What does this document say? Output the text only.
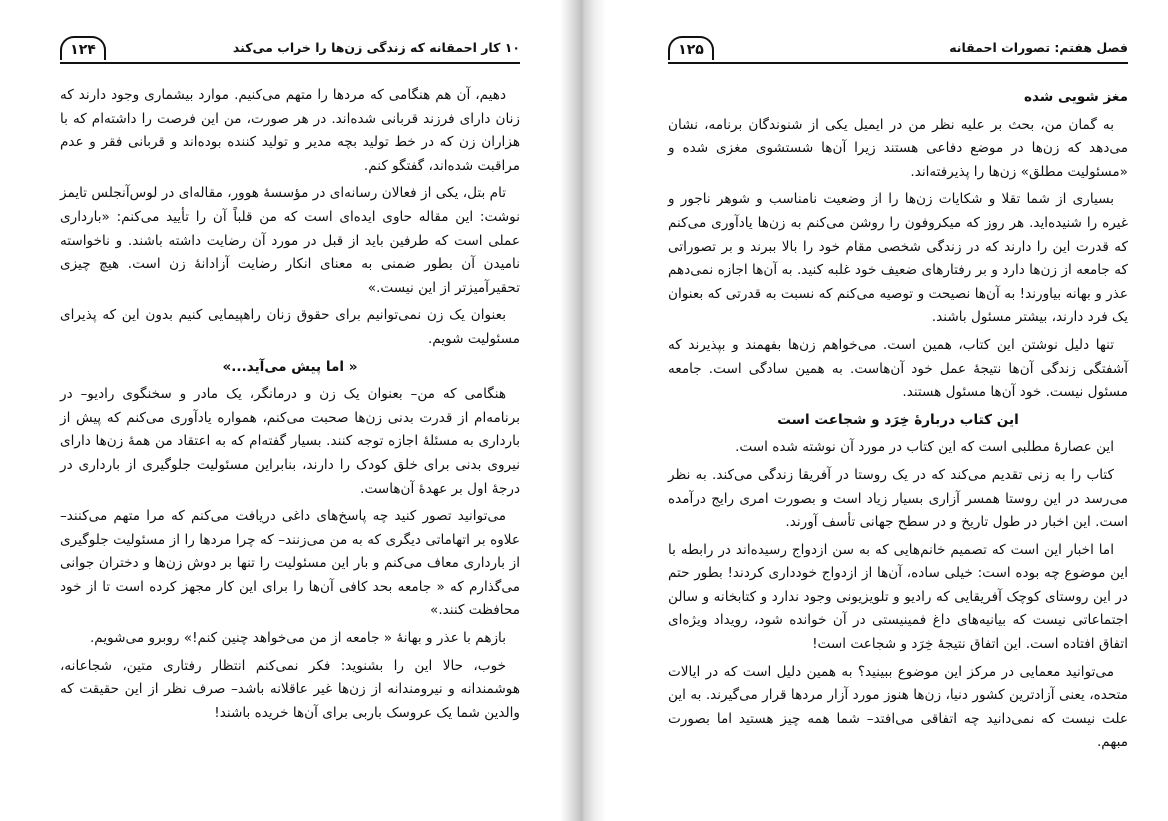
۱۰ کار احمقانه که زندگی زن‌ها را خراب می‌کند
۱۲۴

دهیم، آن هم هنگامی که مردها را متهم می‌کنیم. موارد بیشماری وجود دارند که زنان دارای فرزند قربانی شده‌اند. در هر صورت، من این فرصت را داشته‌ام که با هزاران زن که در خط تولید بچه مدیر و تولید کننده بوده‌اند و قربانی فقر و عدم مراقبت شده‌اند، گفتگو کنم.

تام بتل، یکی از فعالان رسانه‌ای در مؤسسهٔ هوور، مقاله‌ای در لوس‌آنجلس تایمز نوشت: این مقاله حاوی ایده‌ای است که من قلباً آن را تأیید می‌کنم: «بارداری عملی است که طرفین باید از قبل در مورد آن رضایت داشته باشند. و ناخواسته نامیدن آن بطور ضمنی به معنای انکار رضایت آزادانهٔ زن است. هیچ چیزی تحقیرآمیزتر از این نیست.»

بعنوان یک زن نمی‌توانیم برای حقوق زنان راهپیمایی کنیم بدون این که پذیرای مسئولیت شویم.

« اما پیش می‌آید...»

هنگامی که من– بعنوان یک زن و درمانگر، یک مادر و سخنگوی رادیو– در برنامه‌ام از قدرت بدنی زن‌ها صحبت می‌کنم، همواره یادآوری می‌کنم که پیش از بارداری به مسئلهٔ اجازه توجه کنند. بسیار گفته‌ام که به اعتقاد من همهٔ زن‌ها دارای نیروی بدنی برای خلق کودک را دارند، بنابراین مسئولیت جلوگیری از بارداری در درجهٔ اول بر عهدهٔ آن‌هاست.

می‌توانید تصور کنید چه پاسخ‌های داغی دریافت می‌کنم که مرا متهم می‌کنند– علاوه بر اتهاماتی دیگری که به من می‌زنند– که چرا مردها را از مسئولیت جلوگیری از بارداری معاف می‌کنم و بار این مسئولیت را تنها بر دوش زن‌ها و دختران جوانی می‌گذارم که « جامعه بحد کافی آن‌ها را برای این کار مجهز کرده است تا از خود محافظت کنند.»

بازهم با عذر و بهانهٔ « جامعه از من می‌خواهد چنین کنم!» روبرو می‌شویم.

خوب، حالا این را بشنوید: فکر نمی‌کنم انتظار رفتاری متین، شجاعانه، هوشمندانه و نیرومندانه از زن‌ها غیر عاقلانه باشد– صرف نظر از این حقیقت که والدین شما یک عروسک باربی برای آن‌ها خریده باشند!

فصل هفتم: تصورات احمقانه
۱۲۵

مغز شویی شده

به گمان من، بحث بر علیه نظر من در ایمیل یکی از شنوندگان برنامه، نشان می‌دهد که زن‌ها در موضع دفاعی هستند زیرا آن‌ها شستشوی مغزی شده و «مسئولیت مطلق» زن‌ها را پذیرفته‌اند.

بسیاری از شما تقلا و شکایات زن‌ها را از وضعیت نامناسب و شوهر ناجور و غیره را شنیده‌اید. هر روز که میکروفون را روشن می‌کنم به زن‌ها یادآوری می‌کنم که قدرت این را دارند که در زندگی شخصی مقام خود را بالا ببرند و بر تصوراتی که جامعه از زن‌ها دارد و بر رفتارهای ضعیف خود غلبه کنید. به آن‌ها اجازه نمی‌دهم عذر و بهانه بیاورند! به آن‌ها نصیحت و توصیه می‌کنم که نسبت به قدرتی که بعنوان یک فرد دارند، بیشتر مسئول باشند.

تنها دلیل نوشتن این کتاب، همین است. می‌خواهم زن‌ها بفهمند و بپذیرند که آشفتگی زندگی آن‌ها نتیجهٔ عمل خود آن‌هاست. به همین سادگی است. جامعه مسئول نیست. خود آن‌ها مسئول هستند.

این کتاب دربارهٔ خِرَد و شجاعت است

این عصارهٔ مطلبی است که این کتاب در مورد آن نوشته شده است.

کتاب را به زنی تقدیم می‌کند که در یک روستا در آفریقا زندگی می‌کند. به نظر می‌رسد در این روستا همسر آزاری بسیار زیاد است و بصورت امری رایج درآمده است. این اخبار در طول تاریخ و در سطح جهانی تأسف آورند.

اما اخبار این است که تصمیم خانم‌هایی که به سن ازدواج رسیده‌اند در رابطه با این موضوع چه بوده است: خیلی ساده، آن‌ها از ازدواج خودداری کردند! بطور حتم در این روستای کوچک آفریقایی که رادیو و تلویزیونی وجود ندارد و کتابخانه و سالن اجتماعاتی نیست که بیانیه‌های داغ فمینیستی در آن خوانده شود، رویداد ویژه‌ای اتفاق افتاده است. این اتفاق نتیجهٔ خِرَد و شجاعت است!

می‌توانید معمایی در مرکز این موضوع ببینید؟ به همین دلیل است که در ایالات متحده، یعنی آزادترین کشور دنیا، زن‌ها هنوز مورد آزار مردها قرار می‌گیرند. به این علت نیست که نمی‌دانید چه اتفاقی می‌افتد– شما همه چیز هستید اما بصورت مبهم.
